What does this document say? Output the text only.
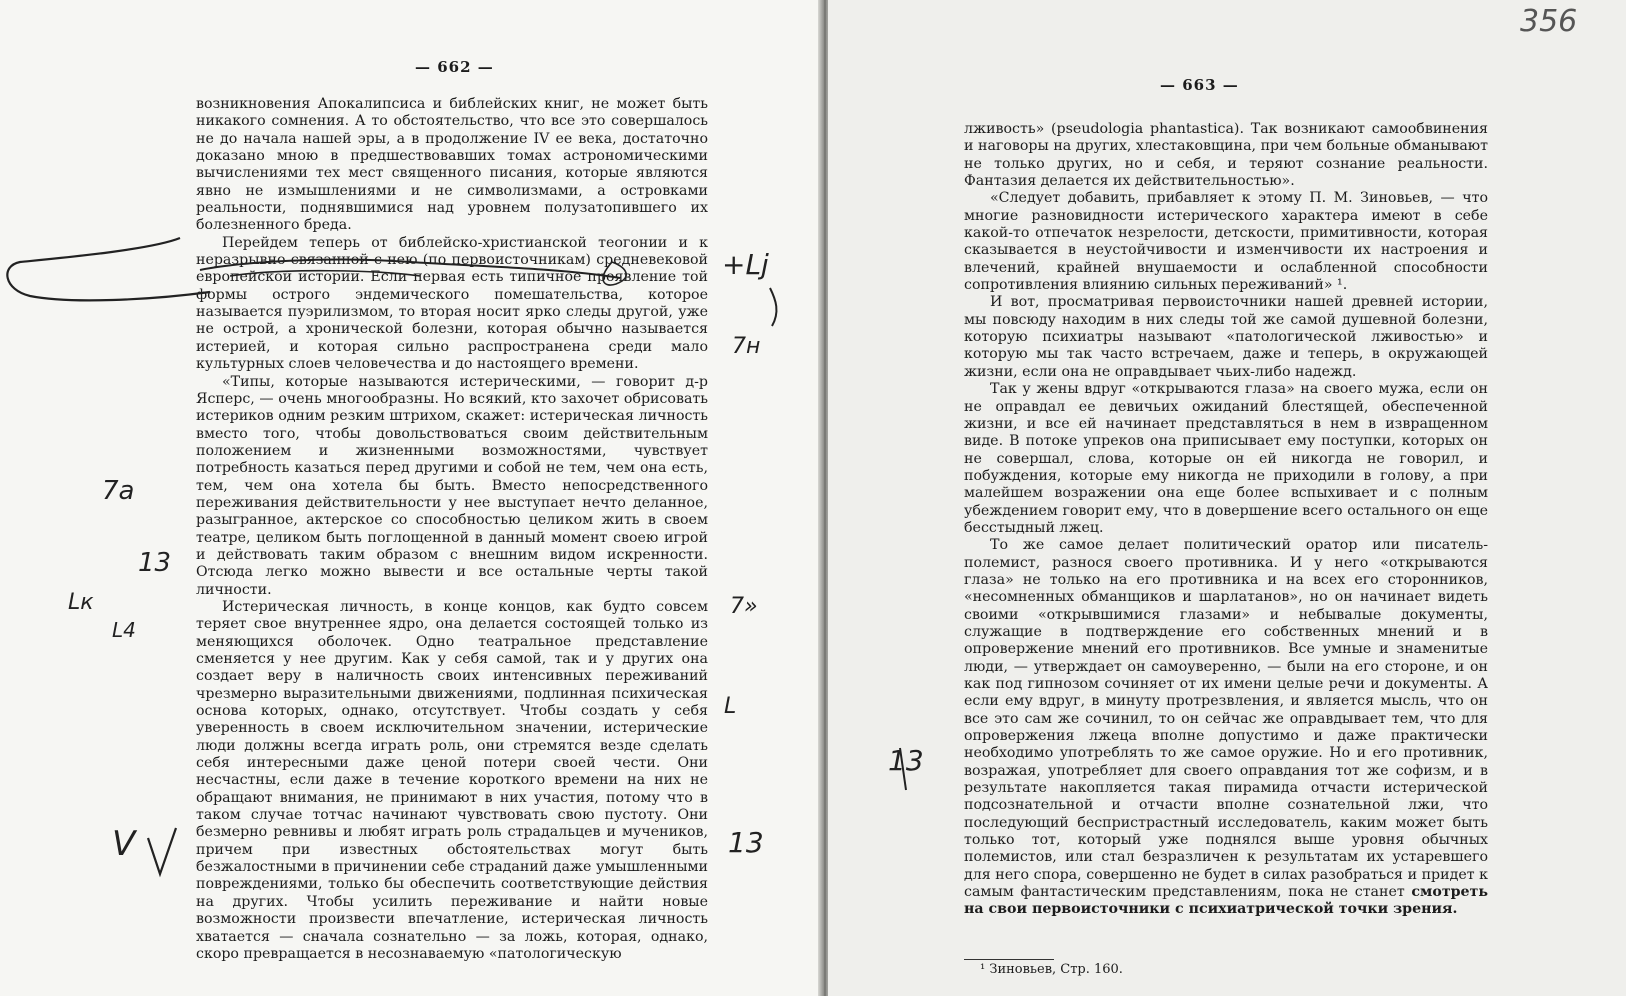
— 662 —

возникновения Апокалипсиса и библейских книг, не может быть никакого сомнения. А то обстоятельство, что все это совершалось не до начала нашей эры, а в продолжение IV ее века, достаточно доказано мною в предшествовавших томах астрономическими вычислениями тех мест священного писания, которые являются явно не измышлениями и не символизмами, а островками реальности, поднявшимися над уровнем полузатопившего их болезненного бреда.

Перейдем теперь от библейско-христианской теогонии и к неразрывно связанной с нею (по первоисточникам) средневековой европейской истории. Если первая есть типичное проявление той формы острого эндемического помешательства, которое называется пуэрилизмом, то вторая носит ярко следы другой, уже не острой, а хронической болезни, которая обычно называется истерией, и которая сильно распространена среди мало культурных слоев человечества и до настоящего времени.

«Типы, которые называются истерическими, — говорит д-р Ясперс, — очень многообразны. Но всякий, кто захочет обрисовать истериков одним резким штрихом, скажет: истерическая личность вместо того, чтобы довольствоваться своим действительным положением и жизненными возможностями, чувствует потребность казаться перед другими и собой не тем, чем она есть, тем, чем она хотела бы быть. Вместо непосредственного переживания действительности у нее выступает нечто деланное, разыгранное, актерское со способностью целиком жить в своем театре, целиком быть поглощенной в данный момент своею игрой и действовать таким образом с внешним видом искренности. Отсюда легко можно вывести и все остальные черты такой личности.

Истерическая личность, в конце концов, как будто совсем теряет свое внутреннее ядро, она делается состоящей только из меняющихся оболочек. Одно театральное представление сменяется у нее другим. Как у себя самой, так и у других она создает веру в наличность своих интенсивных переживаний чрезмерно выразительными движениями, подлинная психическая основа которых, однако, отсутствует. Чтобы создать у себя уверенность в своем исключительном значении, истерические люди должны всегда играть роль, они стремятся везде сделать себя интересными даже ценой потери своей чести. Они несчастны, если даже в течение короткого времени на них не обращают внимания, не принимают в них участия, потому что в таком случае тотчас начинают чувствовать свою пустоту. Они безмерно ревнивы и любят играть роль страдальцев и мучеников, причем при известных обстоятельствах могут быть безжалостными в причинении себе страданий даже умышленными повреждениями, только бы обеспечить соответствующие действия на других. Чтобы усилить переживание и найти новые возможности произвести впечатление, истерическая личность хватается — сначала сознательно — за ложь, которая, однако, скоро превращается в несознаваемую «патологическую

— 663 —

лживость» (pseudologia phantastica). Так возникают самообвинения и наговоры на других, хлестаковщина, при чем больные обманывают не только других, но и себя, и теряют сознание реальности. Фантазия делается их действительностью».

«Следует добавить, прибавляет к этому П. М. Зиновьев, — что многие разновидности истерического характера имеют в себе какой-то отпечаток незрелости, детскости, примитивности, которая сказывается в неустойчивости и изменчивости их настроения и влечений, крайней внушаемости и ослабленной способности сопротивления влиянию сильных переживаний» ¹.

И вот, просматривая первоисточники нашей древней истории, мы повсюду находим в них следы той же самой душевной болезни, которую психиатры называют «патологической лживостью» и которую мы так часто встречаем, даже и теперь, в окружающей жизни, если она не оправдывает чьих-либо надежд.

Так у жены вдруг «открываются глаза» на своего мужа, если он не оправдал ее девичьих ожиданий блестящей, обеспеченной жизни, и все ей начинает представляться в нем в извращенном виде. В потоке упреков она приписывает ему поступки, которых он не совершал, слова, которые он ей никогда не говорил, и побуждения, которые ему никогда не приходили в голову, а при малейшем возражении она еще более вспыхивает и с полным убеждением говорит ему, что в довершение всего остального он еще бесстыдный лжец.

То же самое делает политический оратор или писатель-полемист, разнося своего противника. И у него «открываются глаза» не только на его противника и на всех его сторонников, «несомненных обманщиков и шарлатанов», но он начинает видеть своими «открывшимися глазами» и небывалые документы, служащие в подтверждение его собственных мнений и в опровержение мнений его противников. Все умные и знаменитые люди, — утверждает он самоуверенно, — были на его стороне, и он как под гипнозом сочиняет от их имени целые речи и документы. А если ему вдруг, в минуту протрезвления, и является мысль, что он все это сам же сочинил, то он сейчас же оправдывает тем, что для опровержения лжеца вполне допустимо и даже практически необходимо употреблять то же самое оружие. Но и его противник, возражая, употребляет для своего оправдания тот же софизм, и в результате накопляется такая пирамида отчасти истерической подсознательной и отчасти вполне сознательной лжи, что последующий беспристрастный исследователь, каким может быть только тот, который уже поднялся выше уровня обычных полемистов, или стал безразличен к результатам их устаревшего для него спора, совершенно не будет в силах разобраться и придет к самым фантастическим представлениям, пока не станет смотреть на свои первоисточники с психиатрической точки зрения.

¹ Зиновьев, Стр. 160.
356
+Lj
7н
7а
13
Lк
L4
7»
L
V	13
13
